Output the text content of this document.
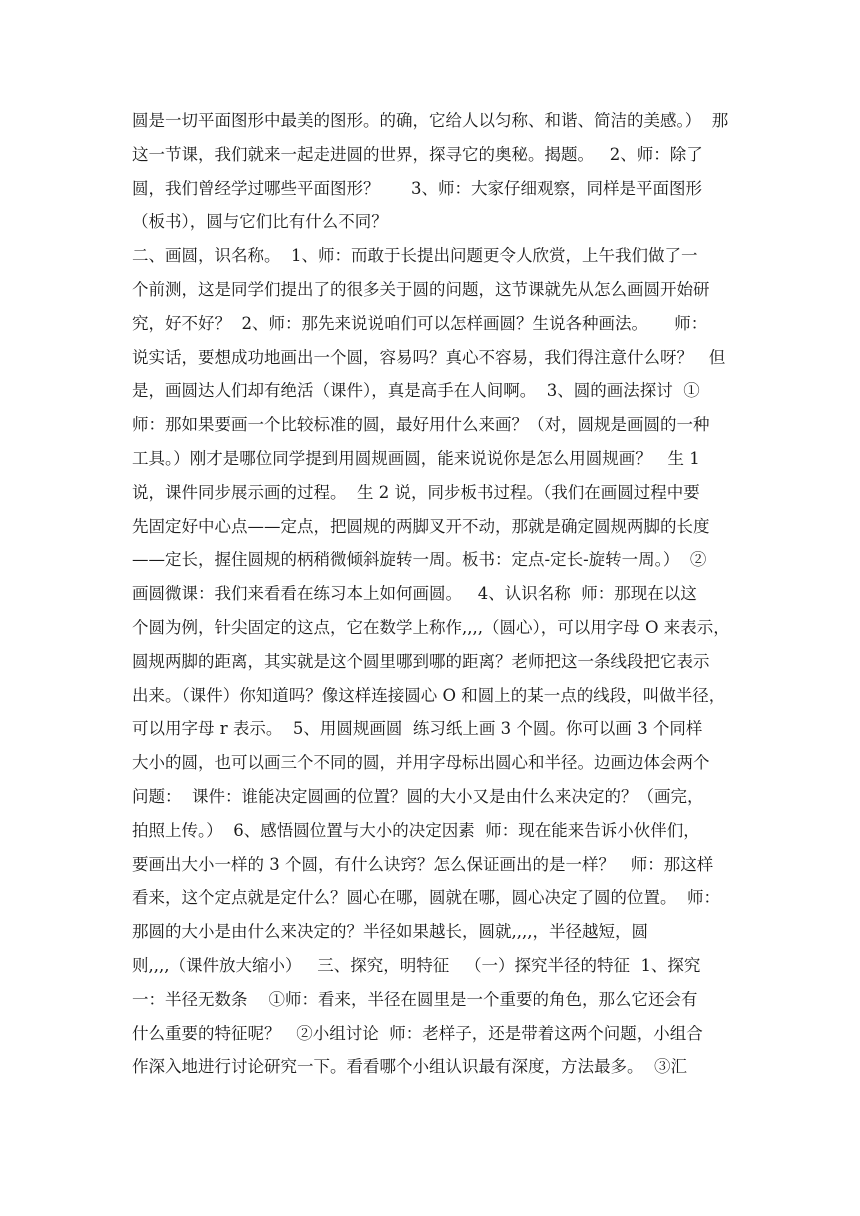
圆是一切平面图形中最美的图形。的确，它给人以匀称、和谐、简洁的美感。）  那
这一节课，我们就来一起走进圆的世界，探寻它的奥秘。揭题。   2、师：除了
圆，我们曾经学过哪些平面图形？      3、师：大家仔细观察，同样是平面图形
（板书），圆与它们比有什么不同？
二、画圆，识名称。  1、师：而敢于长提出问题更令人欣赏，上午我们做了一
个前测，这是同学们提出了的很多关于圆的问题，这节课就先从怎么画圆开始研
究，好不好？  2、师：那先来说说咱们可以怎样画圆？生说各种画法。     师：
说实话，要想成功地画出一个圆，容易吗？真心不容易，我们得注意什么呀？   但
是，画圆达人们却有绝活（课件），真是高手在人间啊。  3、圆的画法探讨  ①
师：那如果要画一个比较标准的圆，最好用什么来画？（对，圆规是画圆的一种
工具。）刚才是哪位同学提到用圆规画圆，能来说说你是怎么用圆规画？   生 1
说，课件同步展示画的过程。  生 2 说，同步板书过程。（我们在画圆过程中要
先固定好中心点——定点，把圆规的两脚叉开不动，那就是确定圆规两脚的长度
——定长，握住圆规的柄稍微倾斜旋转一周。板书：定点-定长-旋转一周。）  ②
画圆微课：我们来看看在练习本上如何画圆。   4、认识名称  师：那现在以这
个圆为例，针尖固定的这点，它在数学上称作,,,,（圆心），可以用字母 O 来表示，
圆规两脚的距离，其实就是这个圆里哪到哪的距离？老师把这一条线段把它表示
出来。（课件）你知道吗？像这样连接圆心 O 和圆上的某一点的线段，叫做半径，
可以用字母 r 表示。  5、用圆规画圆  练习纸上画 3 个圆。你可以画 3 个同样
大小的圆，也可以画三个不同的圆，并用字母标出圆心和半径。边画边体会两个
问题：  课件：谁能决定圆画的位置？圆的大小又是由什么来决定的？（画完，
拍照上传。）  6、感悟圆位置与大小的决定因素  师：现在能来告诉小伙伴们，
要画出大小一样的 3 个圆，有什么诀窍？怎么保证画出的是一样？   师：那这样
看来，这个定点就是定什么？圆心在哪，圆就在哪，圆心决定了圆的位置。  师：
那圆的大小是由什么来决定的？半径如果越长，圆就,,,,，半径越短，圆
则,,,,（课件放大缩小）   三、探究，明特征   （一）探究半径的特征  1、探究
一：半径无数条    ①师：看来，半径在圆里是一个重要的角色，那么它还会有
什么重要的特征呢？   ②小组讨论  师：老样子，还是带着这两个问题，小组合
作深入地进行讨论研究一下。看看哪个小组认识最有深度，方法最多。  ③汇
